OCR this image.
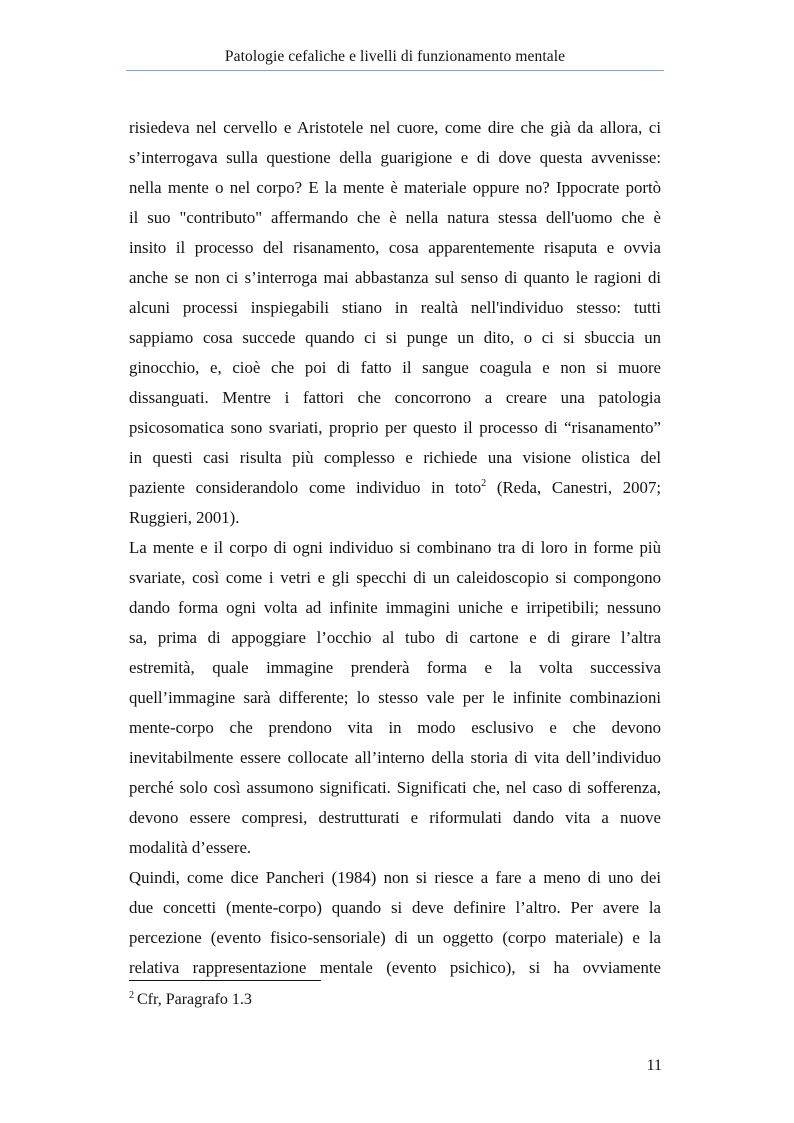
Patologie cefaliche e livelli di funzionamento mentale
risiedeva nel cervello e Aristotele nel cuore, come dire che già da allora, ci
s’interrogava sulla questione della guarigione e di dove questa avvenisse:
nella mente o nel corpo? E la mente è materiale oppure no? Ippocrate portò
il suo "contributo" affermando che è nella natura stessa dell'uomo che è
insito il processo del risanamento, cosa apparentemente risaputa e ovvia
anche se non ci s’interroga mai abbastanza sul senso di quanto le ragioni di
alcuni processi inspiegabili stiano in realtà nell'individuo stesso: tutti
sappiamo cosa succede quando ci si punge un dito, o ci si sbuccia un
ginocchio, e, cioè che poi di fatto il sangue coagula e non si muore
dissanguati. Mentre i fattori che concorrono a creare una patologia
psicosomatica sono svariati, proprio per questo il processo di “risanamento”
in questi casi risulta più complesso e richiede una visione olistica del
paziente considerandolo come individuo in toto$^2$ (Reda, Canestri, 2007;
Ruggieri, 2001).
La mente e il corpo di ogni individuo si combinano tra di loro in forme più
svariate, così come i vetri e gli specchi di un caleidoscopio si compongono
dando forma ogni volta ad infinite immagini uniche e irripetibili; nessuno
sa, prima di appoggiare l’occhio al tubo di cartone e di girare l’altra
estremità, quale immagine prenderà forma e la volta successiva
quell’immagine sarà differente; lo stesso vale per le infinite combinazioni
mente-corpo che prendono vita in modo esclusivo e che devono
inevitabilmente essere collocate all’interno della storia di vita dell’individuo
perché solo così assumono significati. Significati che, nel caso di sofferenza,
devono essere compresi, destrutturati e riformulati dando vita a nuove
modalità d’essere.
Quindi, come dice Pancheri (1984) non si riesce a fare a meno di uno dei
due concetti (mente-corpo) quando si deve definire l’altro. Per avere la
percezione (evento fisico-sensoriale) di un oggetto (corpo materiale) e la
relativa rappresentazione mentale (evento psichico), si ha ovviamente
$^2$ Cfr, Paragrafo 1.3
11
